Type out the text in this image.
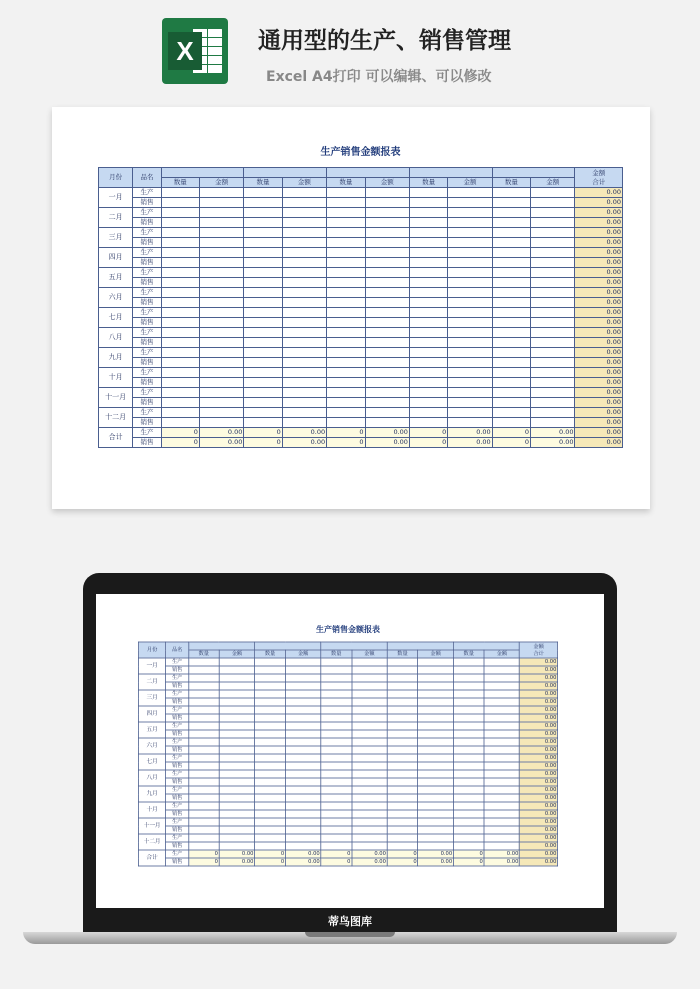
X	通用型的生产、销售管理
Excel A4打印 可以编辑、可以修改
生产销售金额报表
月份	品名											金额
合计

		数量	金额	数量	金额	数量	金额	数量	金额	数量	金额	
一月	生产											0.00
	销售											0.00
二月	生产											0.00
	销售											0.00
三月	生产											0.00
	销售											0.00
四月	生产											0.00
	销售											0.00
五月	生产											0.00
	销售											0.00
六月	生产											0.00
	销售											0.00
七月	生产											0.00
	销售											0.00
八月	生产											0.00
	销售											0.00
九月	生产											0.00
	销售											0.00
十月	生产											0.00
	销售											0.00
十一月	生产											0.00
	销售											0.00
十二月	生产											0.00
	销售											0.00
合计	生产	0	0.00	0	0.00	0	0.00	0	0.00	0	0.00	0.00
	销售	0	0.00	0	0.00	0	0.00	0	0.00	0	0.00	0.00
生产销售金额报表
月份	品名											金额
合计

		数量	金额	数量	金额	数量	金额	数量	金额	数量	金额	
一月	生产											0.00
	销售											0.00
二月	生产											0.00
	销售											0.00
三月	生产											0.00
	销售											0.00
四月	生产											0.00
	销售											0.00
五月	生产											0.00
	销售											0.00
六月	生产											0.00
	销售											0.00
七月	生产											0.00
	销售											0.00
八月	生产											0.00
	销售											0.00
九月	生产											0.00
	销售											0.00
十月	生产											0.00
	销售											0.00
十一月	生产											0.00
	销售											0.00
十二月	生产											0.00
	销售											0.00
合计	生产	0	0.00	0	0.00	0	0.00	0	0.00	0	0.00	0.00
	销售	0	0.00	0	0.00	0	0.00	0	0.00	0	0.00	0.00
蒂鸟图库
